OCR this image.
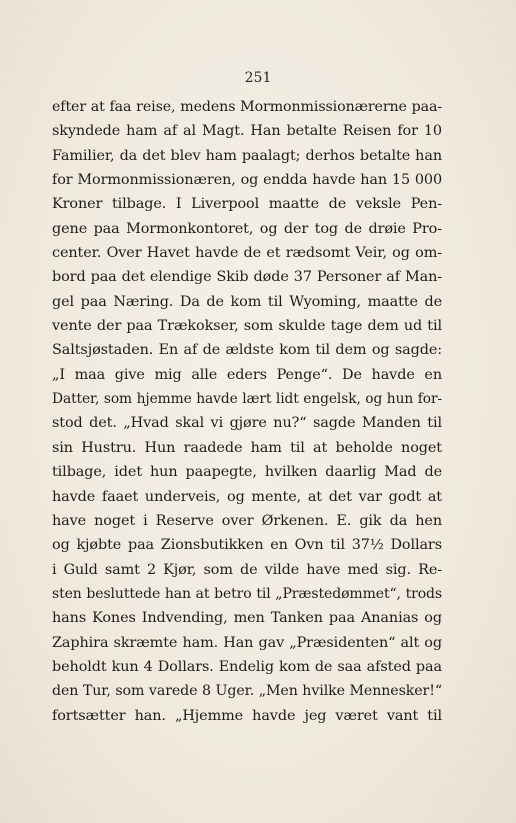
251
efter at faa reise, medens Mormonmissionærerne paa-
skyndede ham af al Magt. Han betalte Reisen for 10
Familier, da det blev ham paalagt; derhos betalte han
for Mormonmissionæren, og endda havde han 15 000
Kroner tilbage. I Liverpool maatte de veksle Pen-
gene paa Mormonkontoret, og der tog de drøie Pro-
center. Over Havet havde de et rædsomt Veir, og om-
bord paa det elendige Skib døde 37 Personer af Man-
gel paa Næring. Da de kom til Wyoming, maatte de
vente der paa Trækokser, som skulde tage dem ud til
Saltsjøstaden. En af de ældste kom til dem og sagde:
„I maa give mig alle eders Penge“. De havde en
Datter, som hjemme havde lært lidt engelsk, og hun for-
stod det. „Hvad skal vi gjøre nu?“ sagde Manden til
sin Hustru. Hun raadede ham til at beholde noget
tilbage, idet hun paapegte, hvilken daarlig Mad de
havde faaet underveis, og mente, at det var godt at
have noget i Reserve over Ørkenen. E. gik da hen
og kjøbte paa Zionsbutikken en Ovn til 37½ Dollars
i Guld samt 2 Kjør, som de vilde have med sig. Re-
sten besluttede han at betro til „Præstedømmet“, trods
hans Kones Indvending, men Tanken paa Ananias og
Zaphira skræmte ham. Han gav „Præsidenten“ alt og
beholdt kun 4 Dollars. Endelig kom de saa afsted paa
den Tur, som varede 8 Uger. „Men hvilke Mennesker!“
fortsætter han. „Hjemme havde jeg været vant til
